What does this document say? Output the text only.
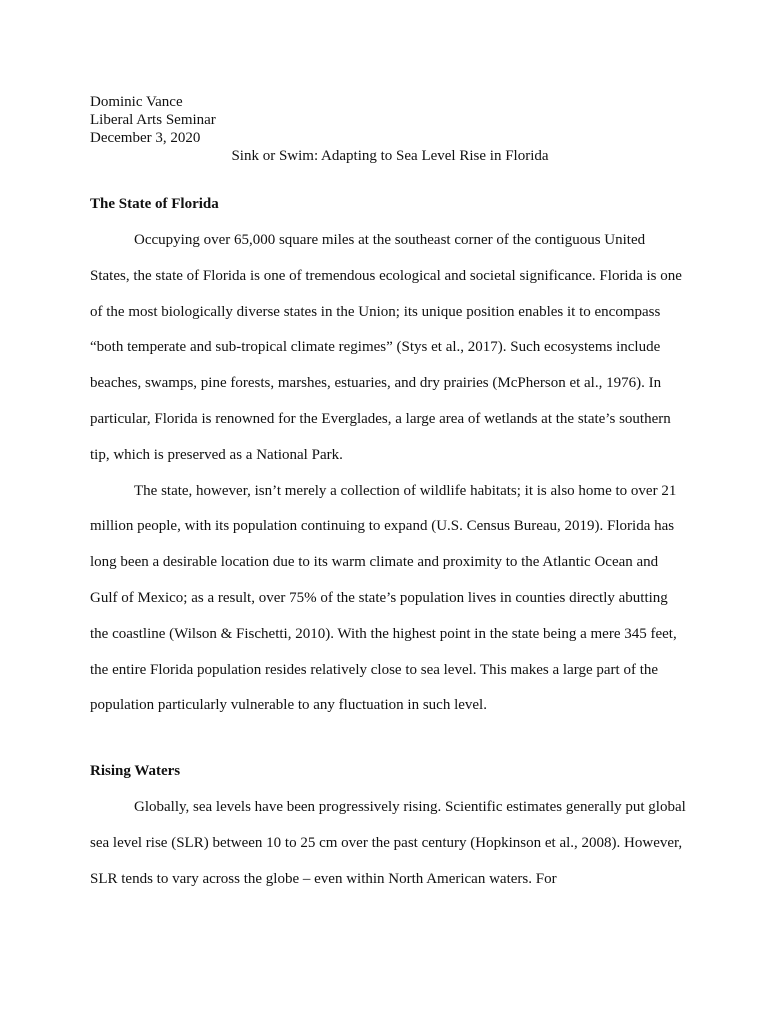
Dominic Vance
Liberal Arts Seminar
December 3, 2020
Sink or Swim: Adapting to Sea Level Rise in Florida
The State of Florida

Occupying over 65,000 square miles at the southeast corner of the contiguous United States, the state of Florida is one of tremendous ecological and societal significance. Florida is one of the most biologically diverse states in the Union; its unique position enables it to encompass “both temperate and sub-tropical climate regimes” (Stys et al., 2017). Such ecosystems include beaches, swamps, pine forests, marshes, estuaries, and dry prairies (McPherson et al., 1976). In particular, Florida is renowned for the Everglades, a large area of wetlands at the state’s southern tip, which is preserved as a National Park.

The state, however, isn’t merely a collection of wildlife habitats; it is also home to over 21 million people, with its population continuing to expand (U.S. Census Bureau, 2019). Florida has long been a desirable location due to its warm climate and proximity to the Atlantic Ocean and Gulf of Mexico; as a result, over 75% of the state’s population lives in counties directly abutting the coastline (Wilson & Fischetti, 2010). With the highest point in the state being a mere 345 feet, the entire Florida population resides relatively close to sea level. This makes a large part of the population particularly vulnerable to any fluctuation in such level.

Rising Waters

Globally, sea levels have been progressively rising. Scientific estimates generally put global sea level rise (SLR) between 10 to 25 cm over the past century (Hopkinson et al., 2008). However, SLR tends to vary across the globe – even within North American waters. For
